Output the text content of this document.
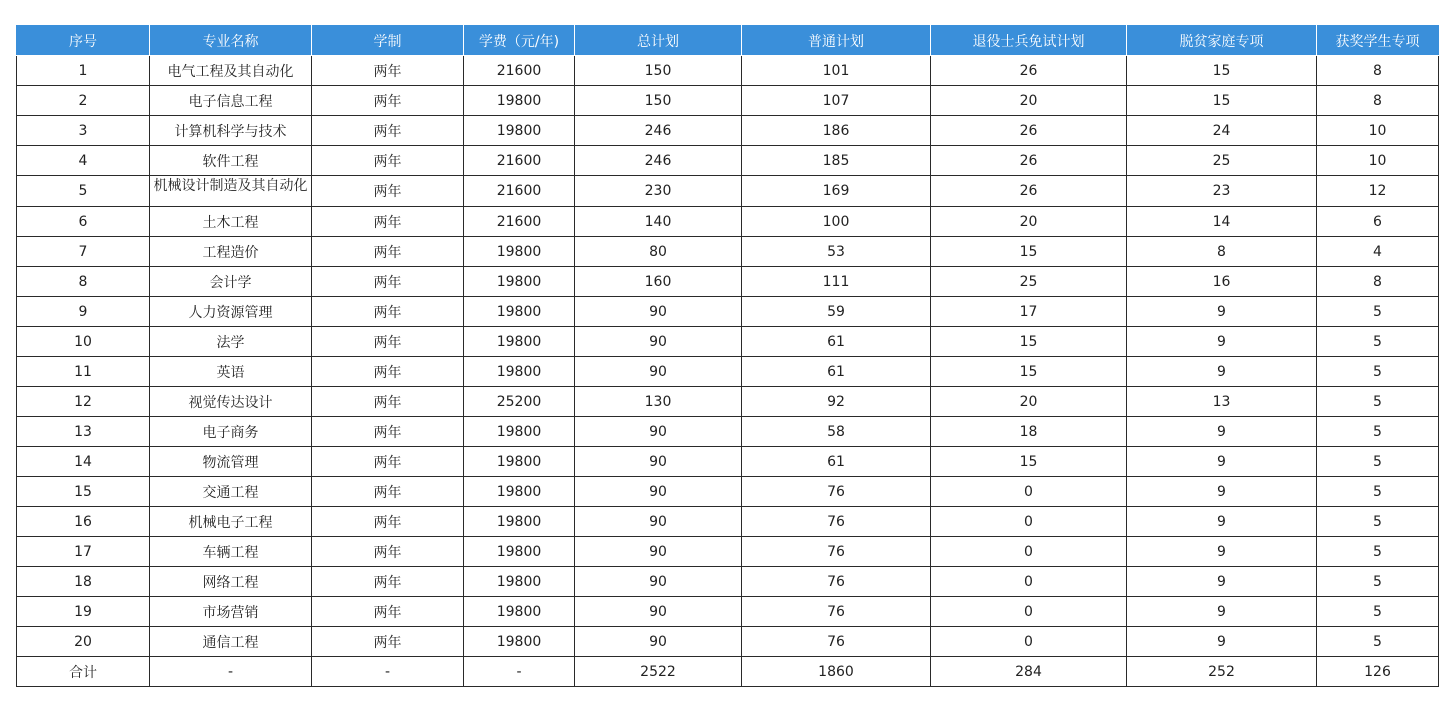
序号	专业名称	学制	学费（元/年)	总计划	普通计划	退役士兵免试计划	脱贫家庭专项	获奖学生专项
1	电气工程及其自动化	两年	21600	150	101	26	15	8
2	电子信息工程	两年	19800	150	107	20	15	8
3	计算机科学与技术	两年	19800	246	186	26	24	10
4	软件工程	两年	21600	246	185	26	25	10
5	机械设计制造及其自动化	两年	21600	230	169	26	23	12
6	土木工程	两年	21600	140	100	20	14	6
7	工程造价	两年	19800	80	53	15	8	4
8	会计学	两年	19800	160	111	25	16	8
9	人力资源管理	两年	19800	90	59	17	9	5
10	法学	两年	19800	90	61	15	9	5
11	英语	两年	19800	90	61	15	9	5
12	视觉传达设计	两年	25200	130	92	20	13	5
13	电子商务	两年	19800	90	58	18	9	5
14	物流管理	两年	19800	90	61	15	9	5
15	交通工程	两年	19800	90	76	0	9	5
16	机械电子工程	两年	19800	90	76	0	9	5
17	车辆工程	两年	19800	90	76	0	9	5
18	网络工程	两年	19800	90	76	0	9	5
19	市场营销	两年	19800	90	76	0	9	5
20	通信工程	两年	19800	90	76	0	9	5
合计	-	-	-	2522	1860	284	252	126
